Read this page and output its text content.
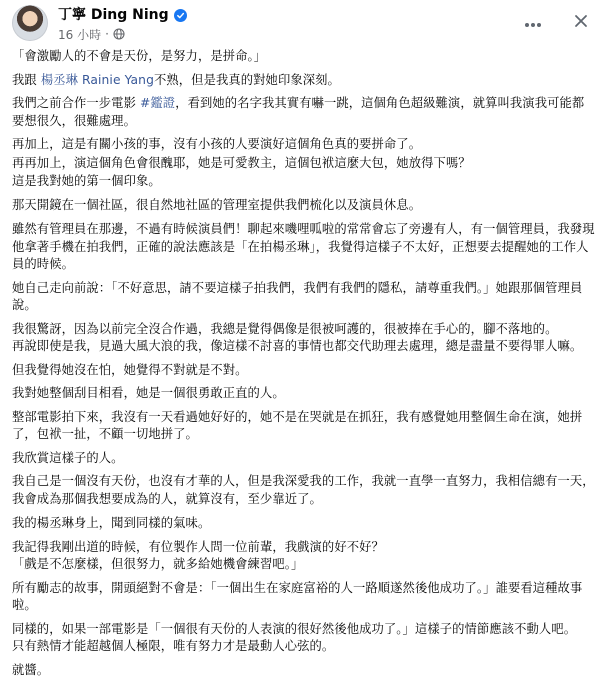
丁寧 Ding Ning
16 小時 ·

「會激勵人的不會是天份，是努力，是拼命。」

我跟 楊丞琳 Rainie Yang不熟，但是我真的對她印象深刻。

我們之前合作一步電影 #鑑證，看到她的名字我其實有嚇一跳，這個角色超級難演，就算叫我演我可能都要想很久，很難處理。

再加上，這是有關小孩的事，沒有小孩的人要演好這個角色真的要拼命了。

再再加上，演這個角色會很醜耶，她是可愛教主，這個包袱這麼大包，她放得下嗎？

這是我對她的第一個印象。

那天開鏡在一個社區，很自然地社區的管理室提供我們梳化以及演員休息。

雖然有管理員在那邊，不過有時候演員們！聊起來嘰哩呱啦的常常會忘了旁邊有人，有一個管理員，我發現他拿著手機在拍我們，正確的說法應該是「在拍楊丞琳」，我覺得這樣子不太好，正想要去提醒她的工作人員的時候。

她自己走向前說：「不好意思，請不要這樣子拍我們，我們有我們的隱私，請尊重我們。」她跟那個管理員說。

我很驚訝，因為以前完全沒合作過，我總是覺得偶像是很被呵護的，很被捧在手心的，腳不落地的。
再說即使是我，見過大風大浪的我，像這樣不討喜的事情也都交代助理去處理，總是盡量不要得罪人嘛。

但我覺得她沒在怕，她覺得不對就是不對。

我對她整個刮目相看，她是一個很勇敢正直的人。

整部電影拍下來，我沒有一天看過她好好的，她不是在哭就是在抓狂，我有感覺她用整個生命在演，她拼了，包袱一扯，不顧一切地拼了。

我欣賞這樣子的人。

我自己是一個沒有天份，也沒有才華的人，但是我深愛我的工作，我就一直學一直努力，我相信總有一天，我會成為那個我想要成為的人，就算沒有，至少靠近了。

我的楊丞琳身上，聞到同樣的氣味。

我記得我剛出道的時候，有位製作人問一位前輩，我戲演的好不好？
「戲是不怎麼樣，但很努力，就多給她機會練習吧。」

所有勵志的故事，開頭絕對不會是：「一個出生在家庭富裕的人一路順遂然後他成功了。」誰要看這種故事啦。

同樣的，如果一部電影是「一個很有天份的人表演的很好然後他成功了。」這樣子的情節應該不動人吧。
只有熱情才能超越個人極限，唯有努力才是最動人心弦的。

就醬。
